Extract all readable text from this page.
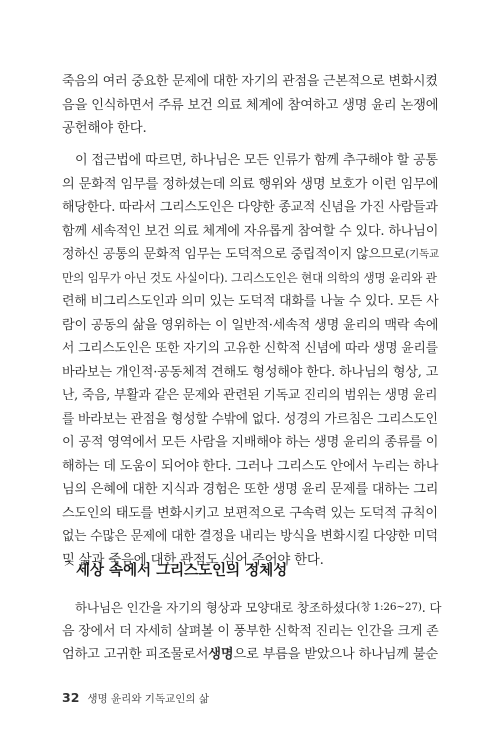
죽음의 여러 중요한 문제에 대한 자기의 관점을 근본적으로 변화시켰
음을 인식하면서 주류 보건 의료 체계에 참여하고 생명 윤리 논쟁에
공헌해야 한다.
이 접근법에 따르면, 하나님은 모든 인류가 함께 추구해야 할 공통
의 문화적 임무를 정하셨는데 의료 행위와 생명 보호가 이런 임무에
해당한다. 따라서 그리스도인은 다양한 종교적 신념을 가진 사람들과
함께 세속적인 보건 의료 체계에 자유롭게 참여할 수 있다. 하나님이
정하신 공통의 문화적 임무는 도덕적으로 중립적이지 않으므로 (기독교
만의 임무가 아닌 것도 사실이다). 그리스도인은 현대 의학의 생명 윤리와 관
련해 비그리스도인과 의미 있는 도덕적 대화를 나눌 수 있다. 모든 사
람이 공동의 삶을 영위하는 이 일반적·세속적 생명 윤리의 맥락 속에
서 그리스도인은 또한 자기의 고유한 신학적 신념에 따라 생명 윤리를
바라보는 개인적·공동체적 견해도 형성해야 한다. 하나님의 형상, 고
난, 죽음, 부활과 같은 문제와 관련된 기독교 진리의 범위는 생명 윤리
를 바라보는 관점을 형성할 수밖에 없다. 성경의 가르침은 그리스도인
이 공적 영역에서 모든 사람을 지배해야 하는 생명 윤리의 종류를 이
해하는 데 도움이 되어야 한다. 그러나 그리스도 안에서 누리는 하나
님의 은혜에 대한 지식과 경험은 또한 생명 윤리 문제를 대하는 그리
스도인의 태도를 변화시키고 보편적으로 구속력 있는 도덕적 규칙이
없는 수많은 문제에 대한 결정을 내리는 방식을 변화시킬 다양한 미덕
및 삶과 죽음에 대한 관점도 심어 주어야 한다.
세상 속에서 그리스도인의 정체성
하나님은 인간을 자기의 형상과 모양대로 창조하셨다 (창 1:26~27) . 다
음 장에서 더 자세히 살펴볼 이 풍부한 신학적 진리는 인간을 크게 존
엄하고 고귀한 피조물로서 생명 으로 부름을 받았으나 하나님께 불순
32 생명 윤리와 기독교인의 삶
